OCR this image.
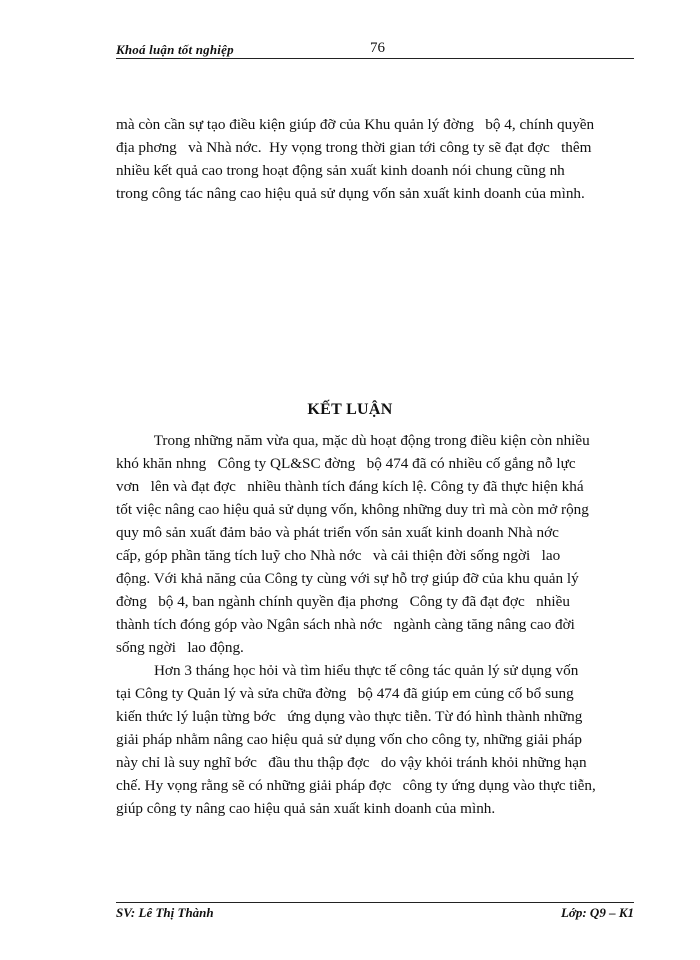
Khoá luận tốt nghiệp	76
mà còn cần sự tạo điều kiện giúp đỡ của Khu quản lý đờng   bộ 4, chính quyền
địa phơng   và Nhà nớc.  Hy vọng trong thời gian tới công ty sẽ đạt đợc   thêm
nhiều kết quả cao trong hoạt động sản xuất kinh doanh nói chung cũng nh
trong công tác nâng cao hiệu quả sử dụng vốn sản xuất kinh doanh của mình.
KẾT LUẬN
Trong những năm vừa qua, mặc dù hoạt động trong điều kiện còn nhiều
khó khăn nhng   Công ty QL&SC đờng   bộ 474 đã có nhiều cố gắng nỗ lực
vơn   lên và đạt đợc   nhiều thành tích đáng kích lệ. Công ty đã thực hiện khá
tốt việc nâng cao hiệu quả sử dụng vốn, không những duy trì mà còn mở rộng
quy mô sản xuất đảm bảo và phát triển vốn sản xuất kinh doanh Nhà nớc
cấp, góp phần tăng tích luỹ cho Nhà nớc   và cải thiện đời sống ngời   lao
động. Với khả năng của Công ty cùng với sự hỗ trợ giúp đỡ của khu quản lý
đờng   bộ 4, ban ngành chính quyền địa phơng   Công ty đã đạt đợc   nhiều
thành tích đóng góp vào Ngân sách nhà nớc   ngành càng tăng nâng cao đời
sống ngời   lao động.
Hơn 3 tháng học hỏi và tìm hiểu thực tế công tác quản lý sử dụng vốn
tại Công ty Quản lý và sửa chữa đờng   bộ 474 đã giúp em củng cố bổ sung
kiến thức lý luận từng bớc   ứng dụng vào thực tiễn. Từ đó hình thành những
giải pháp nhằm nâng cao hiệu quả sử dụng vốn cho công ty, những giải pháp
này chỉ là suy nghĩ bớc   đầu thu thập đợc   do vậy khỏi tránh khỏi những hạn
chế. Hy vọng rằng sẽ có những giải pháp đợc   công ty ứng dụng vào thực tiễn,
giúp công ty nâng cao hiệu quả sản xuất kinh doanh của mình.
SV: Lê Thị Thành	Lớp: Q9 – K1
